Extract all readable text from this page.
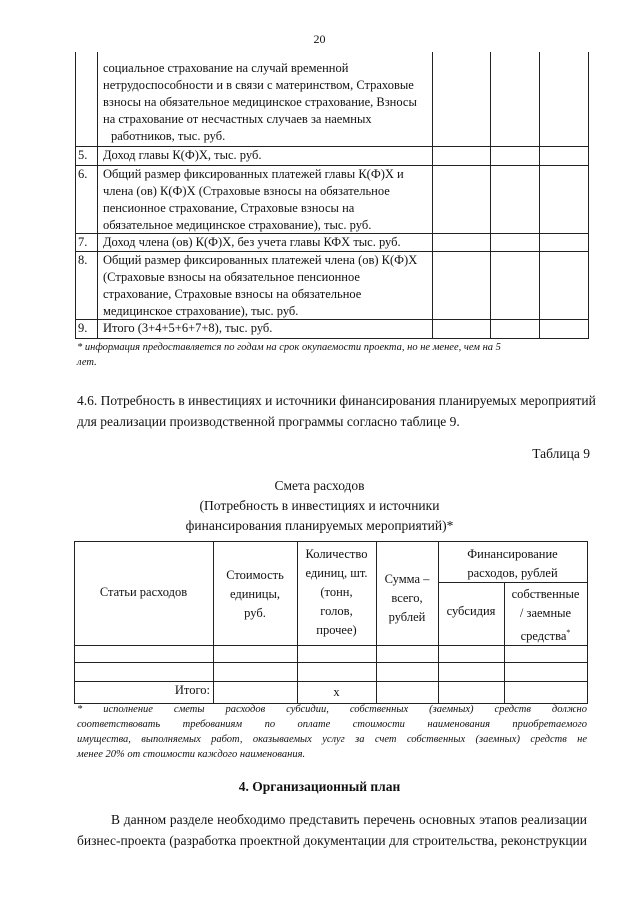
20
социальное страхование на случай временной
нетрудоспособности и в связи с материнством, Страховые
взносы на обязательное медицинское страхование, Взносы
на страхование от несчастных случаев за наемных
работников, тыс. руб.
5. Доход главы К(Ф)Х, тыс. руб.
6. Общий размер фиксированных платежей главы К(Ф)Х и
члена (ов) К(Ф)Х (Страховые взносы на обязательное
пенсионное страхование, Страховые взносы на
обязательное медицинское страхование), тыс. руб.
7. Доход члена (ов) К(Ф)Х, без учета главы КФХ тыс. руб.
8. Общий размер фиксированных платежей члена (ов) К(Ф)Х
(Страховые взносы на обязательное пенсионное
страхование, Страховые взносы на обязательное
медицинское страхование), тыс. руб.
9. Итого (3+4+5+6+7+8), тыс. руб.
* информация предоставляется по годам на срок окупаемости проекта, но не менее, чем на 5
лет.
4.6. Потребность в инвестициях и источники финансирования планируемых мероприятий
для реализации производственной программы согласно таблице 9.
Таблица 9
Смета расходов
(Потребность в инвестициях и источники
финансирования планируемых мероприятий)*
Статьи расходов
Стоимость
единицы,
руб.
Количество
единиц, шт.
(тонн,
голов,
прочее)
Сумма –
всего,
рублей
Финансирование
расходов, рублей
субсидия
собственные
/ заемные
средства*
Итого:	х
* исполнение сметы расходов субсидии, собственных (заемных) средств должно
соответствовать требованиям по оплате стоимости наименования приобретаемого
имущества, выполняемых работ, оказываемых услуг за счет собственных (заемных) средств не
менее 20% от стоимости каждого наименования.
4. Организационный план
В данном разделе необходимо представить перечень основных этапов реализации
бизнес-проекта (разработка проектной документации для строительства, реконструкции
